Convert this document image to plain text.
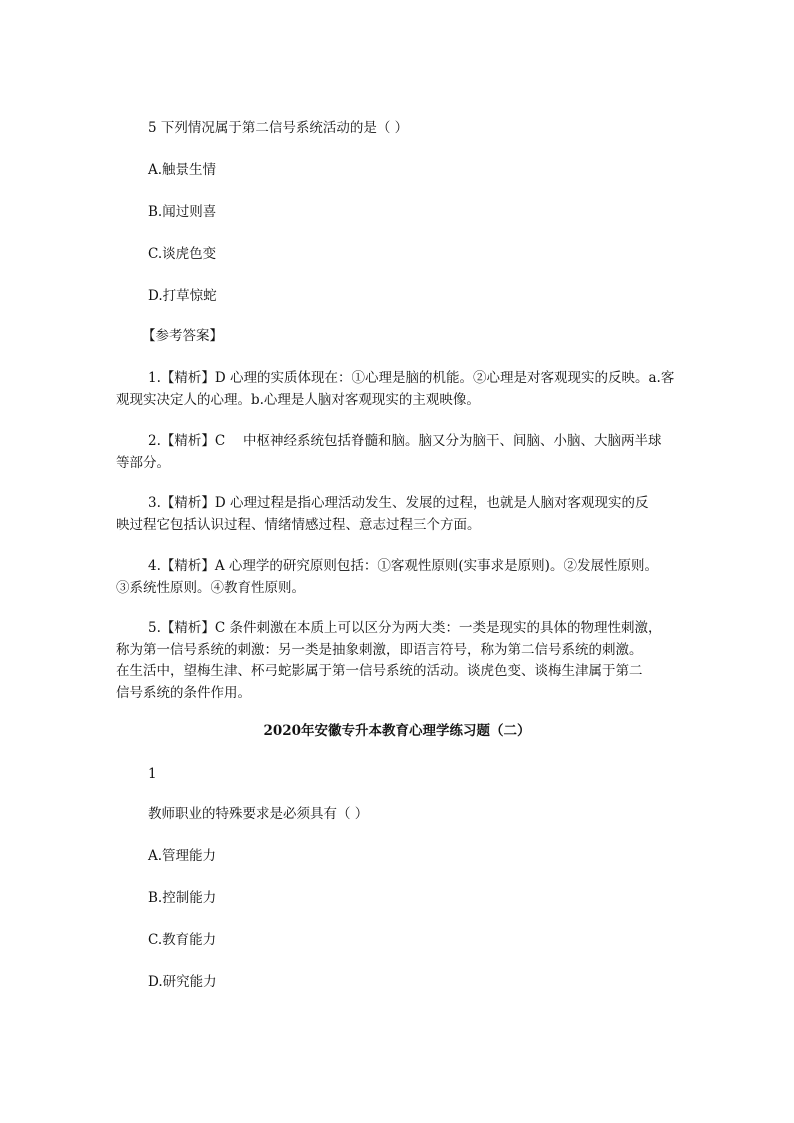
5 下列情况属于第二信号系统活动的是（ ）
A.触景生情
B.闻过则喜
C.谈虎色变
D.打草惊蛇
【参考答案】
1.【精析】D 心理的实质体现在：①心理是脑的机能。②心理是对客观现实的反映。a.客
观现实决定人的心理。b.心理是人脑对客观现实的主观映像。
2.【精析】C　 中枢神经系统包括脊髓和脑。脑又分为脑干、间脑、小脑、大脑两半球
等部分。
3.【精析】D 心理过程是指心理活动发生、发展的过程，也就是人脑对客观现实的反
映过程它包括认识过程、情绪情感过程、意志过程三个方面。
4.【精析】A 心理学的研究原则包括：①客观性原则(实事求是原则)。②发展性原则。
③系统性原则。④教育性原则。
5.【精析】C 条件刺激在本质上可以区分为两大类：一类是现实的具体的物理性刺激，
称为第一信号系统的刺激：另一类是抽象刺激，即语言符号，称为第二信号系统的刺激。
在生活中，望梅生津、杯弓蛇影属于第一信号系统的活动。谈虎色变、谈梅生津属于第二
信号系统的条件作用。
2020年安徽专升本教育心理学练习题（二）
1
教师职业的特殊要求是必须具有（ ）
A.管理能力
B.控制能力
C.教育能力
D.研究能力
